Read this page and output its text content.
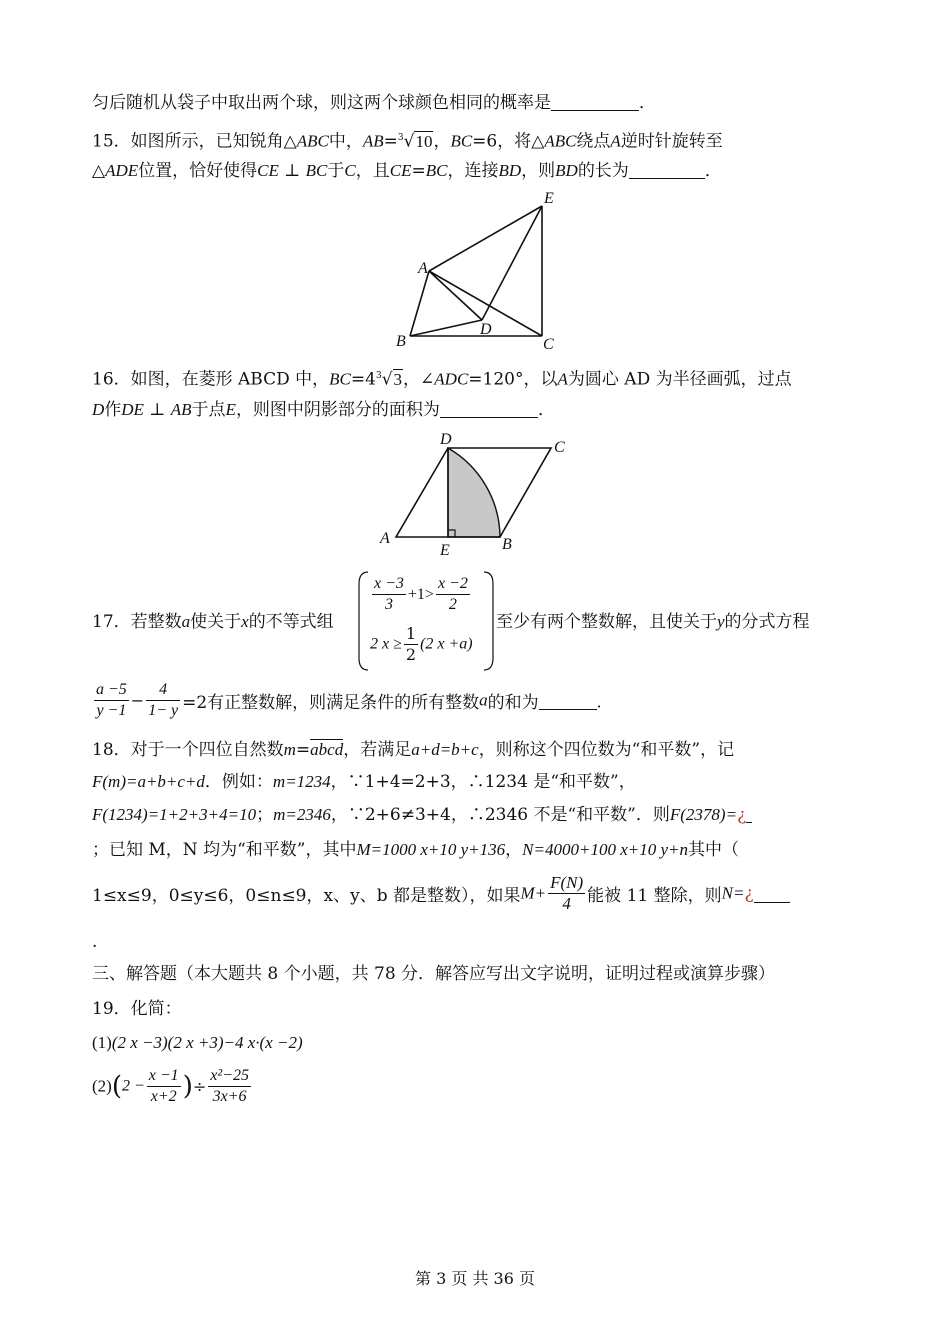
匀后随机从袋子中取出两个球，则这两个球颜色相同的概率是	．
15．如图所示，已知锐角△ABC中，AB=$^3$√10，BC=6，将△ABC绕点A逆时针旋转至
△ADE位置，恰好使得CE ⊥ BC于C，且CE=BC，连接BD，则BD的长为	．
E
A
D
B	C
16．如图，在菱形 ABCD 中，$BC=4^3√3$，∠ADC=120°，以A为圆心 AD 为半径画弧，过点
D作DE ⊥ AB于点E，则图中阴影部分的面积为	．
D	C
A
E	B
17．若整数a使关于x的不等式组
$\frac{x -3}{3} +1> \frac{x -2}{2}$
2 $x \ge \frac{1}{2} (2$ x +a)
至少有两个整数解，且使关于y的分式方程
$\frac{a -5}{y -1} - \frac{4}{1- y} =2$有正整数解，则满足条件的所有整数a的和为	．
18．对于一个四位自然数m=abcd，若满足a+d=b+c，则称这个四位数为“和平数”，记
F(m)=a+b+c+d．例如：m=1234，∵1+4=2+3，∴1234 是“和平数”，
F(1234)=1+2+3+4=10；m=2346，∵2+6≠3+4，∴2346 不是“和平数”．则F(2378)=¿
；已知 M，N 均为“和平数”，其中M=1000 x+10 y+136，N=4000+100 x+10 y+n其中（
1≤x≤9，0≤y≤6，0≤n≤9，x、y、b 都是整数），如果$M+ \frac{F(N)}{4}$ 能被 11 整除，则N=¿
.
三、解答题（本大题共 8 个小题，共 78 分．解答应写出文字说明，证明过程或演算步骤）
19．化简：
(1)(2 x −3)(2 x +3)−4 x·(x −2)
$(2)(2 - \frac{x -1}{x+2}$ )÷ $\frac{\text{x²−25}}{3x+6}$
第 3 页 共 36 页
